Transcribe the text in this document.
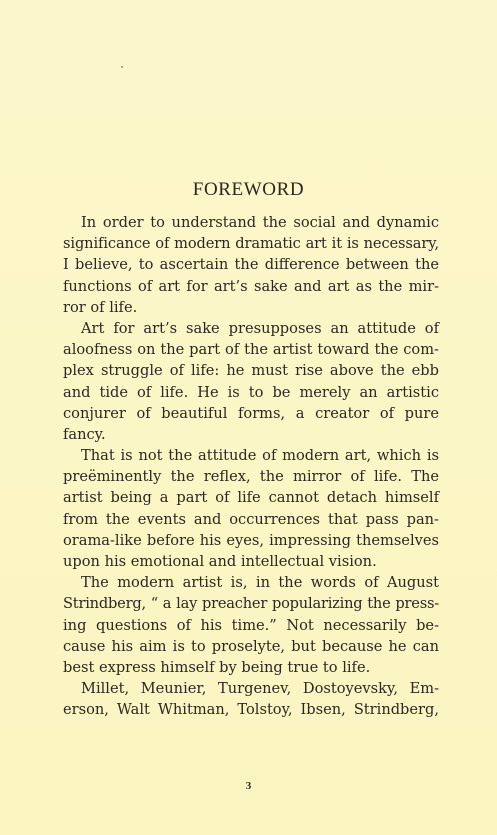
FOREWORD
In order to understand the social and dynamic
significance of modern dramatic art it is necessary,
I believe, to ascertain the difference between the
functions of art for art’s sake and art as the mir-
ror of life.
Art for art’s sake presupposes an attitude of
aloofness on the part of the artist toward the com-
plex struggle of life: he must rise above the ebb
and tide of life. He is to be merely an artistic
conjurer of beautiful forms, a creator of pure
fancy.
That is not the attitude of modern art, which is
preëminently the reflex, the mirror of life. The
artist being a part of life cannot detach himself
from the events and occurrences that pass pan-
orama-like before his eyes, impressing themselves
upon his emotional and intellectual vision.
The modern artist is, in the words of August
Strindberg, “ a lay preacher popularizing the press-
ing questions of his time.” Not necessarily be-
cause his aim is to proselyte, but because he can
best express himself by being true to life.
Millet, Meunier, Turgenev, Dostoyevsky, Em-
erson, Walt Whitman, Tolstoy, Ibsen, Strindberg,
3
